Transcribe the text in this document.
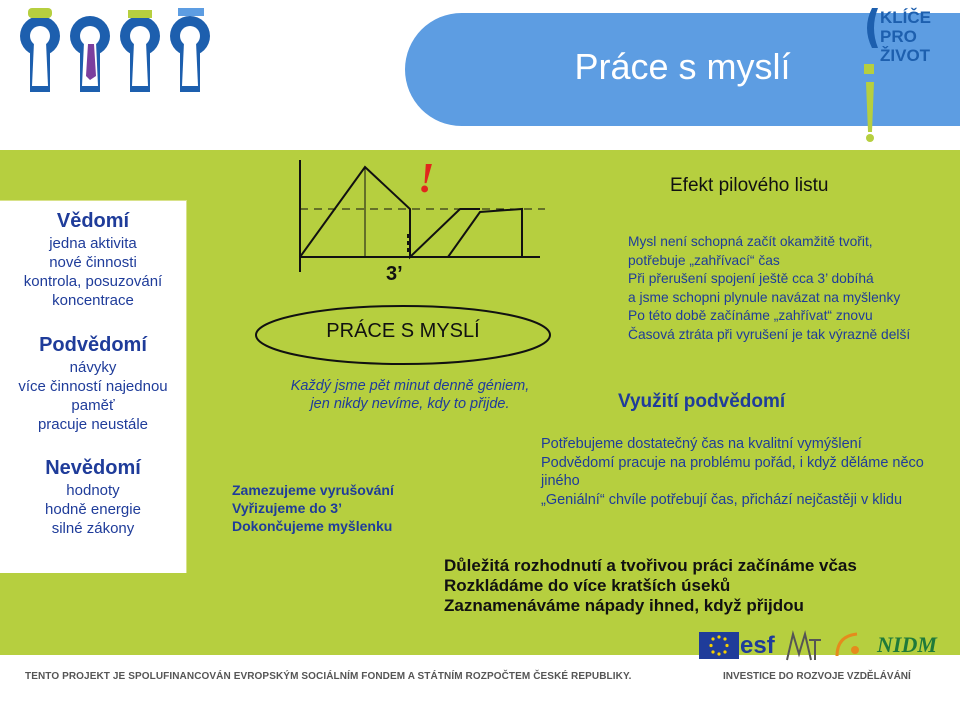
Práce s myslí
KLÍČE
PRO
ŽIVOT
Vědomí
jedna aktivita
nové činnosti
kontrola, posuzování
koncentrace
Podvědomí
návyky
více činností najednou
paměť
pracuje neustále
Nevědomí
hodnoty
hodně energie
silné zákony
!
3’
PRÁCE S MYSLÍ
Každý jsme pět minut denně géniem,
jen nikdy nevíme, kdy to přijde.
Zamezujeme vyrušování
Vyřizujeme do 3’
Dokončujeme myšlenku
Efekt pilového listu
Mysl není schopná začít okamžitě tvořit,
potřebuje „zahřívací“ čas
Při přerušení spojení ještě cca 3’ dobíhá
a jsme schopni plynule navázat na myšlenky
Po této době začínáme „zahřívat“ znovu
Časová ztráta při vyrušení je tak výrazně delší
Využití podvědomí
Potřebujeme dostatečný čas na kvalitní vymýšlení
Podvědomí pracuje na problému pořád, i když děláme něco jiného
„Geniální“ chvíle potřebují čas, přichází nejčastěji v klidu
Důležitá rozhodnutí a tvořivou práci začínáme včas
Rozkládáme do více kratších úseků
Zaznamenáváme nápady ihned, když přijdou
esf	NIDM
TENTO PROJEKT JE SPOLUFINANCOVÁN EVROPSKÝM SOCIÁLNÍM FONDEM A STÁTNÍM ROZPOČTEM ČESKÉ REPUBLIKY.	INVESTICE DO ROZVOJE VZDĚLÁVÁNÍ
